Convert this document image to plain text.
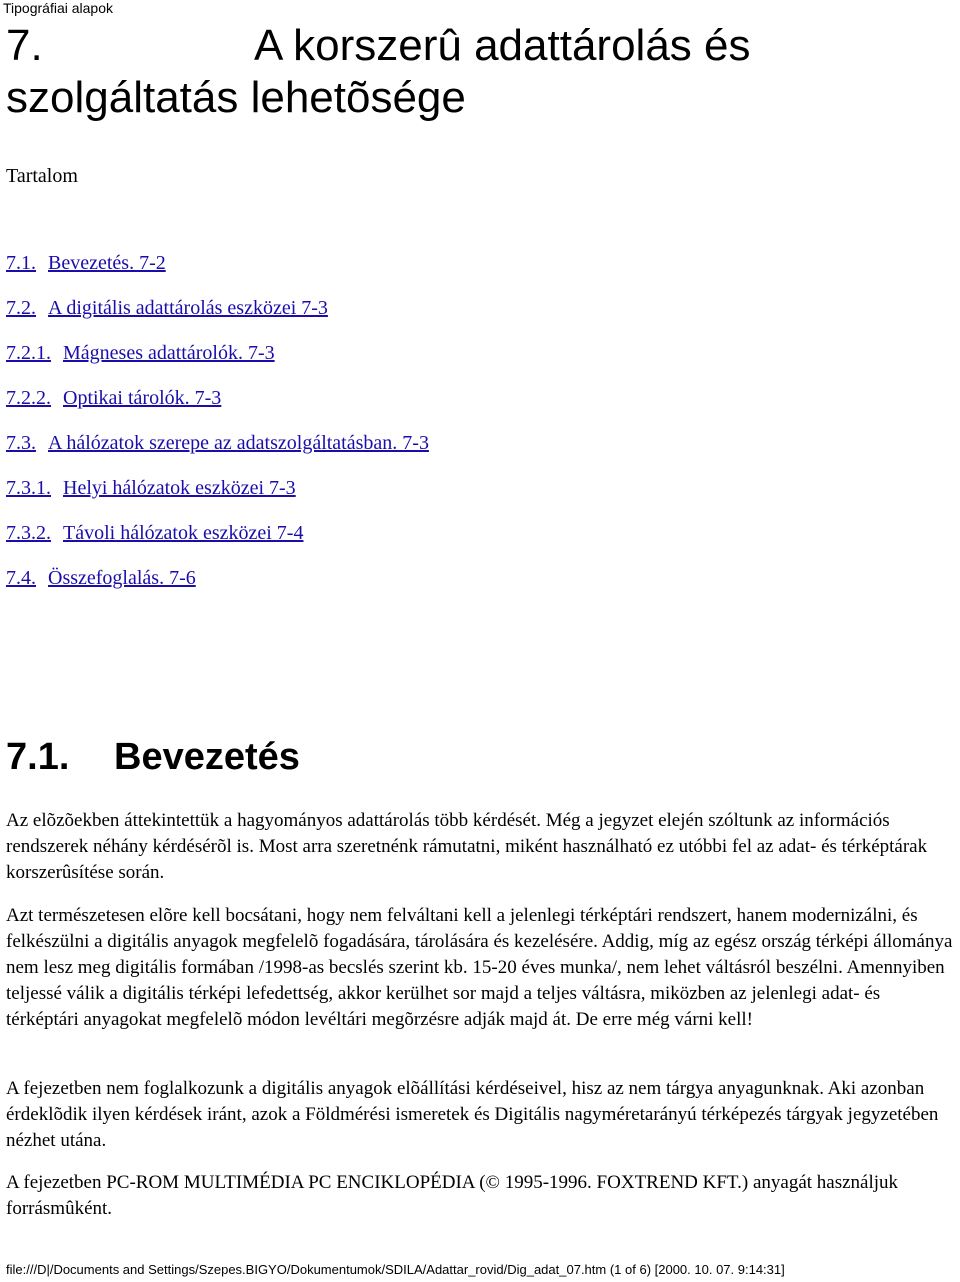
Tipográfiai alapok
7.	A korszerû adattárolás és szolgáltatás lehetõsége
Tartalom
7.1. Bevezetés. 7-2
7.2. A digitális adattárolás eszközei 7-3
7.2.1. Mágneses adattárolók. 7-3
7.2.2. Optikai tárolók. 7-3
7.3. A hálózatok szerepe az adatszolgáltatásban. 7-3
7.3.1. Helyi hálózatok eszközei 7-3
7.3.2. Távoli hálózatok eszközei 7-4
7.4. Összefoglalás. 7-6
7.1. Bevezetés

Az elõzõekben áttekintettük a hagyományos adattárolás több kérdését. Még a jegyzet elején szóltunk az információs rendszerek néhány kérdésérõl is. Most arra szeretnénk rámutatni, miként használható ez utóbbi fel az adat- és térképtárak korszerûsítése során.

Azt természetesen elõre kell bocsátani, hogy nem felváltani kell a jelenlegi térképtári rendszert, hanem modernizálni, és felkészülni a digitális anyagok megfelelõ fogadására, tárolására és kezelésére. Addig, míg az egész ország térképi állománya nem lesz meg digitális formában /1998-as becslés szerint kb. 15-20 éves munka/, nem lehet váltásról beszélni. Amennyiben teljessé válik a digitális térképi lefedettség, akkor kerülhet sor majd a teljes váltásra, miközben az jelenlegi adat- és térképtári anyagokat megfelelõ módon levéltári megõrzésre adják majd át. De erre még várni kell!

A fejezetben nem foglalkozunk a digitális anyagok elõállítási kérdéseivel, hisz az nem tárgya anyagunknak. Aki azonban érdeklõdik ilyen kérdések iránt, azok a Földmérési ismeretek és Digitális nagyméretarányú térképezés tárgyak jegyzetében nézhet utána.

A fejezetben PC-ROM MULTIMÉDIA PC ENCIKLOPÉDIA (© 1995-1996. FOXTREND KFT.) anyagát használjuk forrásmûként.

file:///D|/Documents and Settings/Szepes.BIGYO/Dokumentumok/SDILA/Adattar_rovid/Dig_adat_07.htm (1 of 6) [2000. 10. 07. 9:14:31]
